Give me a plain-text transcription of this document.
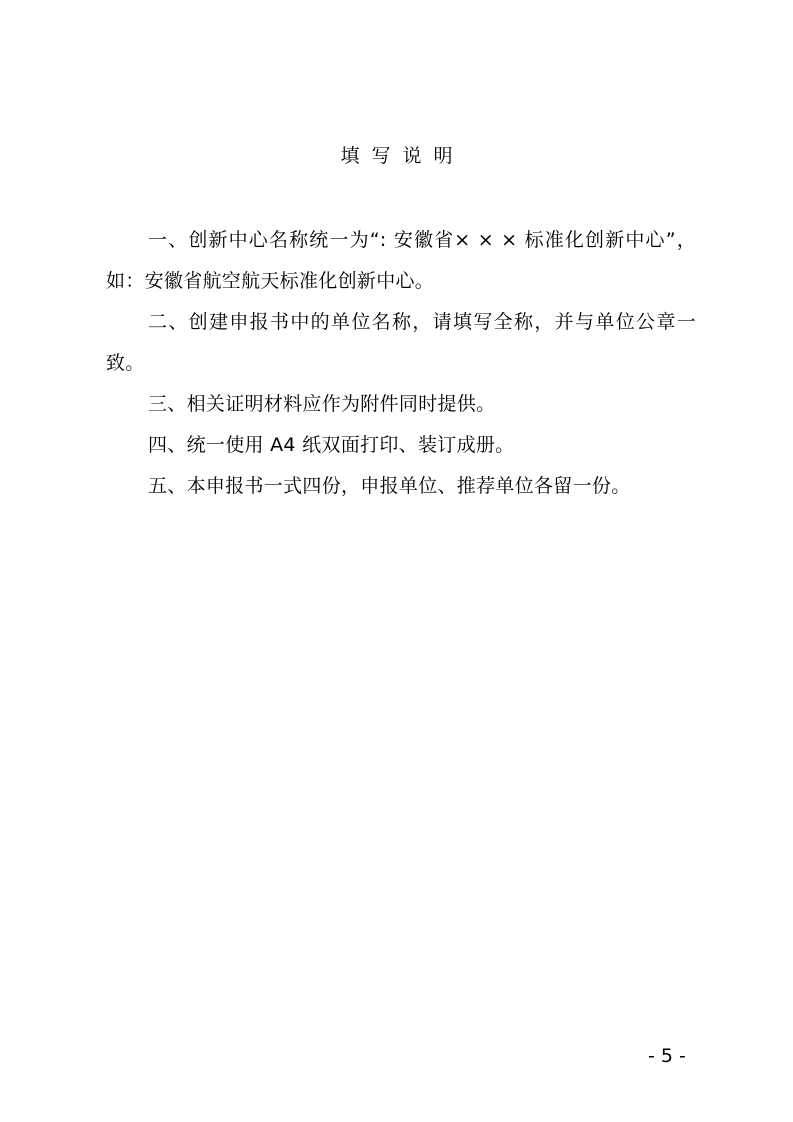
填写说明

一、创新中心名称统一为“: 安徽省× × × 标准化创新中心”，如：安徽省航空航天标准化创新中心。

二、创建申报书中的单位名称，请填写全称，并与单位公章一致。

三、相关证明材料应作为附件同时提供。

四、统一使用 A4 纸双面打印、装订成册。

五、本申报书一式四份，申报单位、推荐单位各留一份。

- 5 -
